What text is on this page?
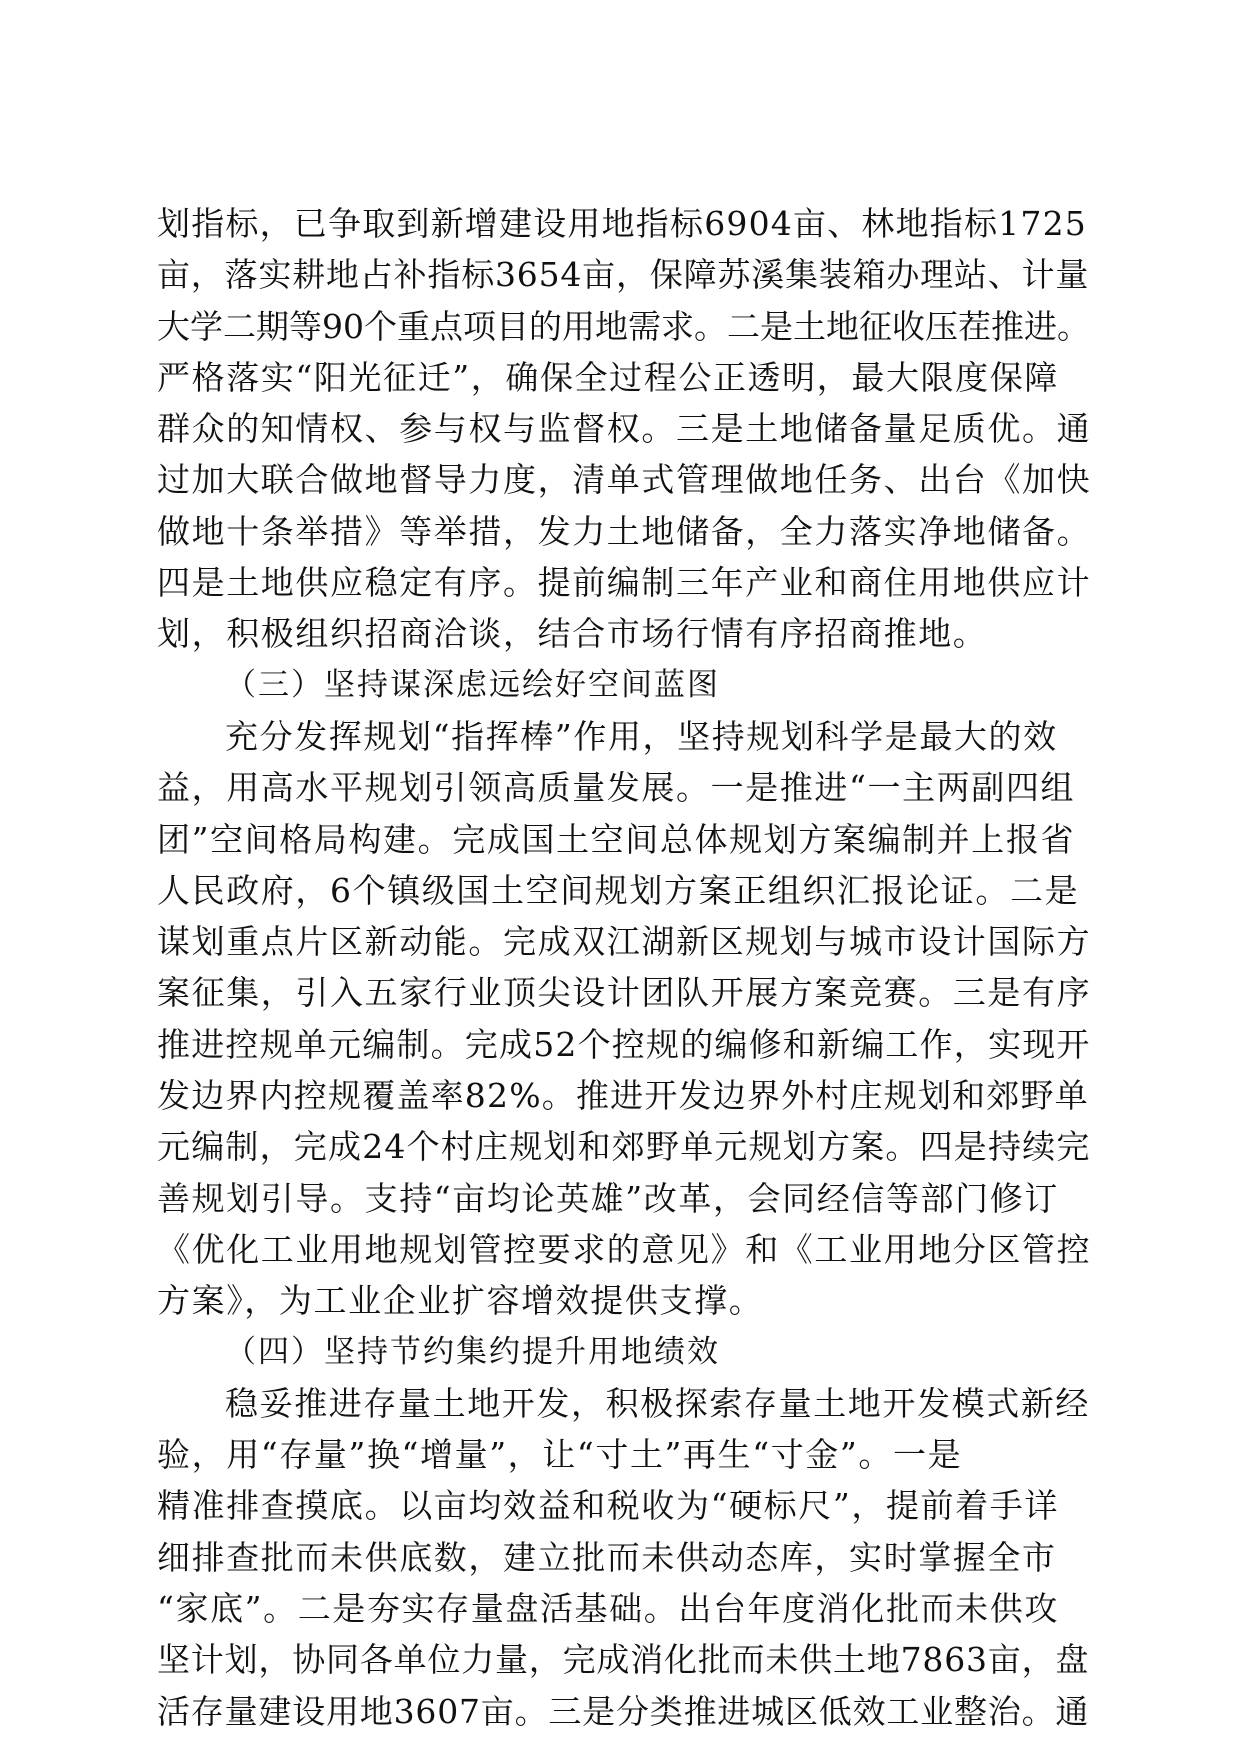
划指标，已争取到新增建设用地指标6904亩、林地指标1725
亩，落实耕地占补指标3654亩，保障苏溪集装箱办理站、计量
大学二期等90个重点项目的用地需求。二是土地征收压茬推进。
严格落实“阳光征迁”，确保全过程公正透明，最大限度保障
群众的知情权、参与权与监督权。三是土地储备量足质优。通
过加大联合做地督导力度，清单式管理做地任务、出台《加快
做地十条举措》等举措，发力土地储备，全力落实净地储备。
四是土地供应稳定有序。提前编制三年产业和商住用地供应计
划，积极组织招商洽谈，结合市场行情有序招商推地。
（三）坚持谋深虑远绘好空间蓝图
充分发挥规划“指挥棒”作用，坚持规划科学是最大的效
益，用高水平规划引领高质量发展。一是推进“一主两副四组
团”空间格局构建。完成国土空间总体规划方案编制并上报省
人民政府，6个镇级国土空间规划方案正组织汇报论证。二是
谋划重点片区新动能。完成双江湖新区规划与城市设计国际方
案征集，引入五家行业顶尖设计团队开展方案竞赛。三是有序
推进控规单元编制。完成52个控规的编修和新编工作，实现开
发边界内控规覆盖率82%。推进开发边界外村庄规划和郊野单
元编制，完成24个村庄规划和郊野单元规划方案。四是持续完
善规划引导。支持“亩均论英雄”改革，会同经信等部门修订
《优化工业用地规划管控要求的意见》和《工业用地分区管控
方案》，为工业企业扩容增效提供支撑。
（四）坚持节约集约提升用地绩效
稳妥推进存量土地开发，积极探索存量土地开发模式新经
验，用“存量”换“增量”，让“寸土”再生“寸金”。一是
精准排查摸底。以亩均效益和税收为“硬标尺”，提前着手详
细排查批而未供底数，建立批而未供动态库，实时掌握全市
“家底”。二是夯实存量盘活基础。出台年度消化批而未供攻
坚计划，协同各单位力量，完成消化批而未供土地7863亩，盘
活存量建设用地3607亩。三是分类推进城区低效工业整治。通
